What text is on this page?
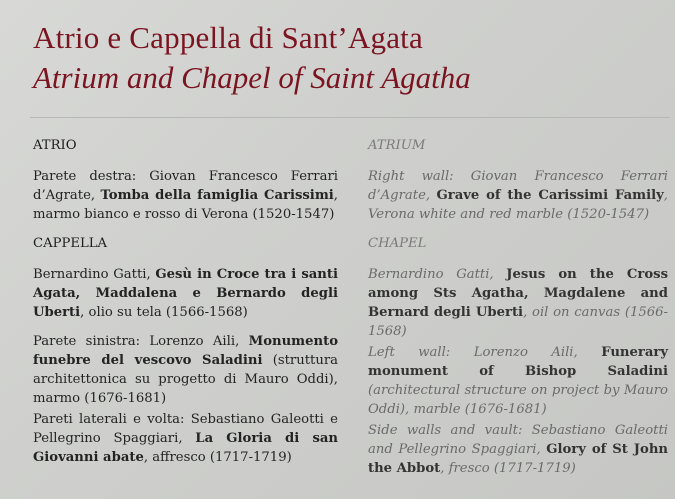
Atrio e Cappella di Sant’Agata
Atrium and Chapel of Saint Agatha
ATRIO

Parete destra: Giovan Francesco Ferrari d’Agrate, Tomba della famiglia Carissimi, marmo bianco e rosso di Verona (1520-1547)

CAPPELLA

Bernardino Gatti, Gesù in Croce tra i santi Agata, Maddalena e Bernardo degli Uberti, olio su tela (1566-1568)

Parete sinistra: Lorenzo Aili, Monumento funebre del vescovo Saladini (struttura architettonica su progetto di Mauro Oddi), marmo (1676-1681)

Pareti laterali e volta: Sebastiano Galeotti e Pellegrino Spaggiari, La Gloria di san Giovanni abate, affresco (1717-1719)

ATRIUM

Right wall: Giovan Francesco Ferrari d’Agrate, Grave of the Carissimi Family, Verona white and red marble (1520-1547)

CHAPEL

Bernardino Gatti, Jesus on the Cross among Sts Agatha, Magdalene and Bernard degli Uberti, oil on canvas (1566-1568)

Left wall: Lorenzo Aili, Funerary monument of Bishop Saladini (architectural structure on project by Mauro Oddi), marble (1676-1681)

Side walls and vault: Sebastiano Galeotti and Pellegrino Spaggiari, Glory of St John the Abbot, fresco (1717-1719)
